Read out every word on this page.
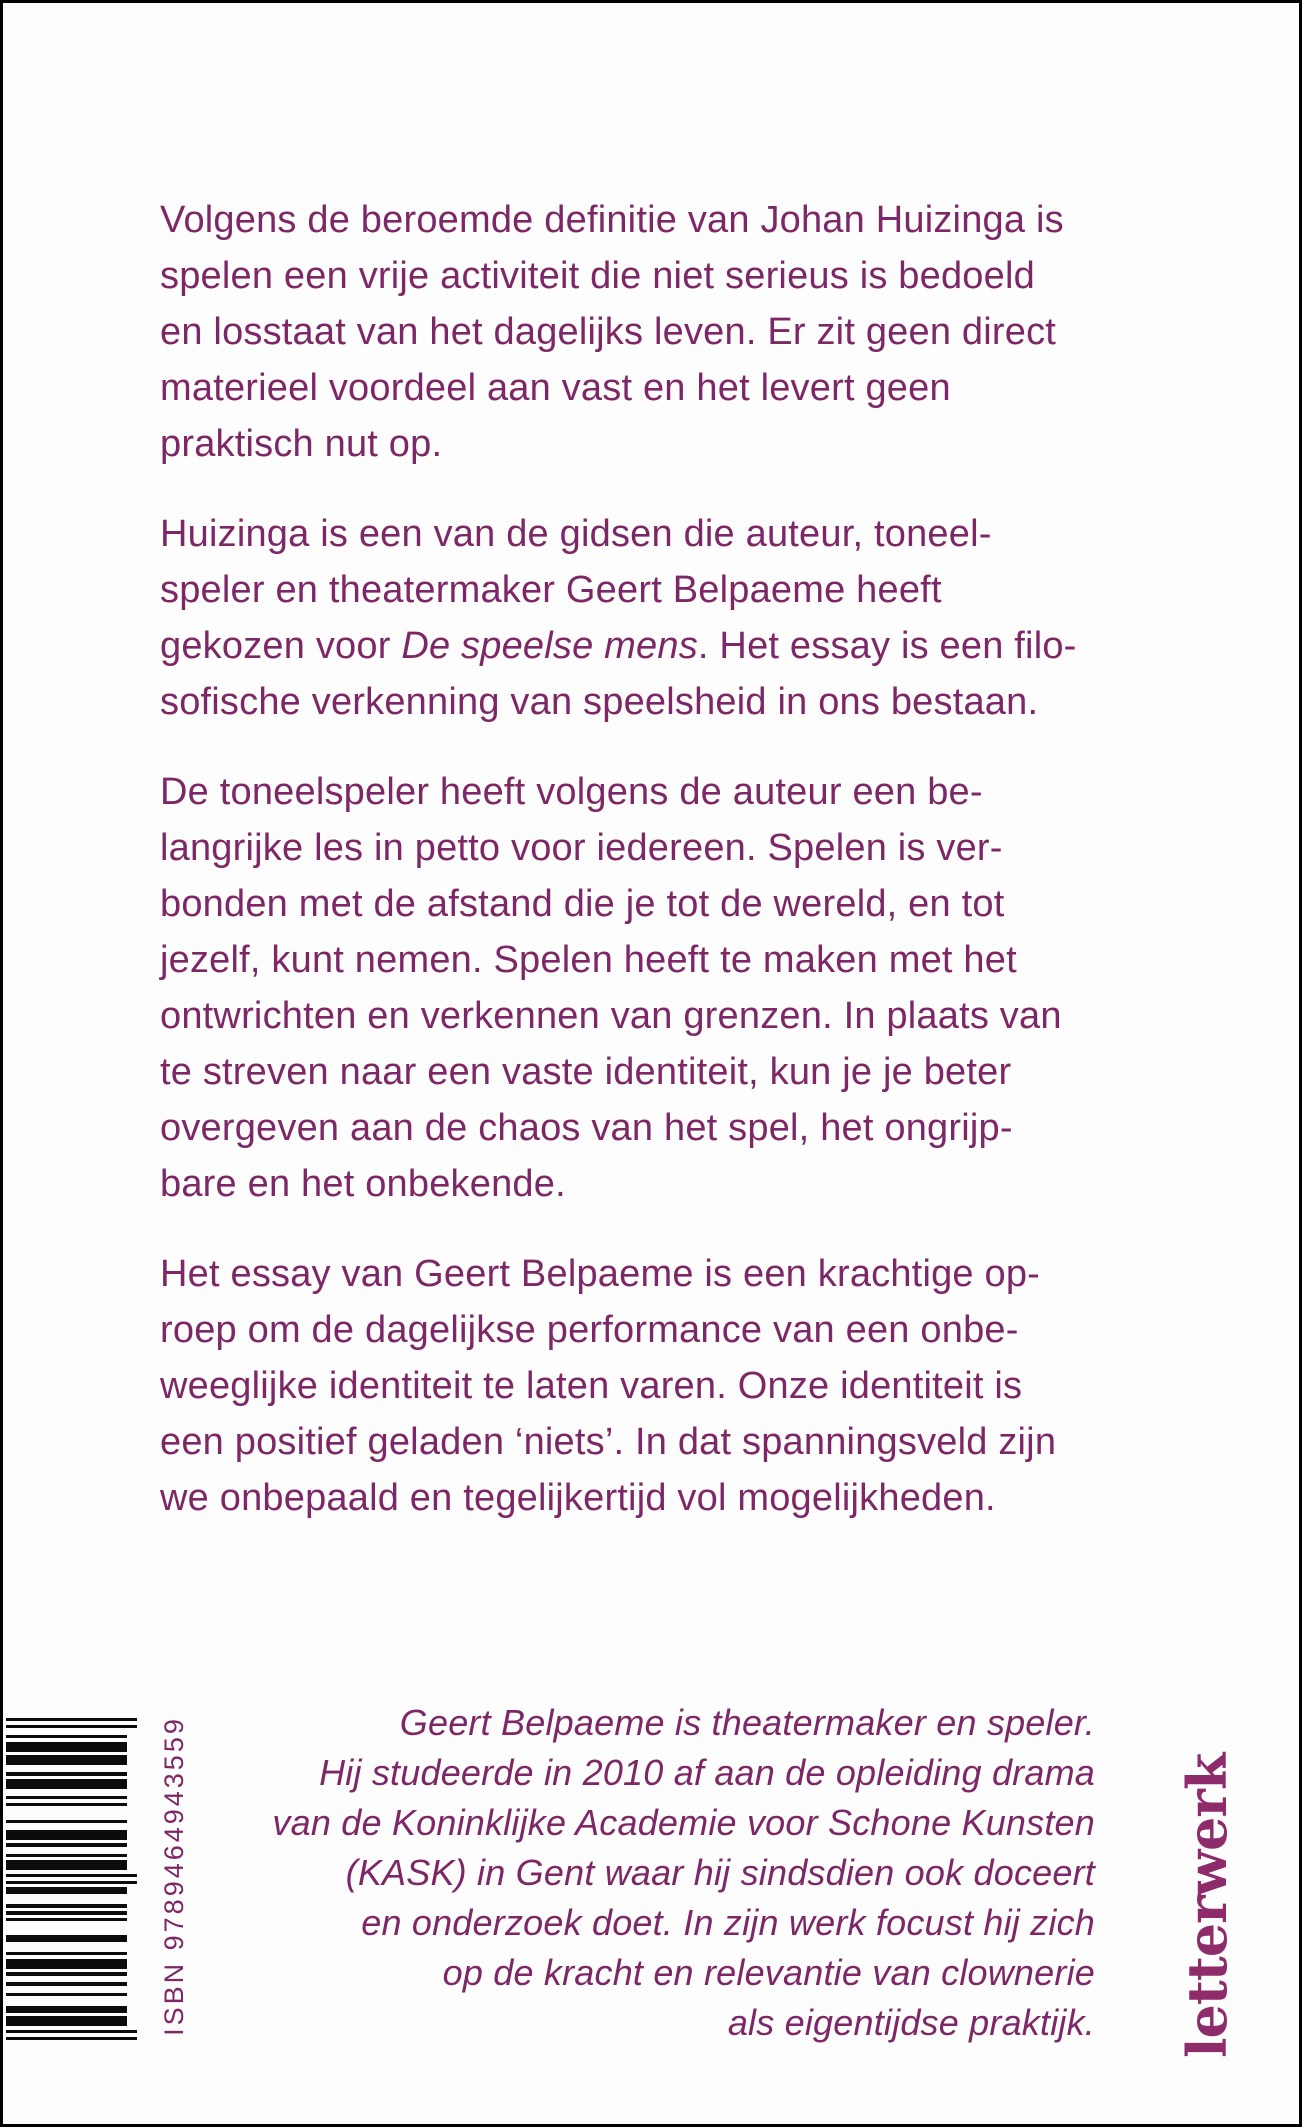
Volgens de beroemde definitie van Johan Huizinga is
spelen een vrije activiteit die niet serieus is bedoeld
en losstaat van het dagelijks leven. Er zit geen direct
materieel voordeel aan vast en het levert geen
praktisch nut op.

Huizinga is een van de gidsen die auteur, toneel-
speler en theatermaker Geert Belpaeme heeft
gekozen voor De speelse mens. Het essay is een filo-
sofische verkenning van speelsheid in ons bestaan.

De toneelspeler heeft volgens de auteur een be-
langrijke les in petto voor iedereen. Spelen is ver-
bonden met de afstand die je tot de wereld, en tot
jezelf, kunt nemen. Spelen heeft te maken met het
ontwrichten en verkennen van grenzen. In plaats van
te streven naar een vaste identiteit, kun je je beter
overgeven aan de chaos van het spel, het ongrijp-
bare en het onbekende.

Het essay van Geert Belpaeme is een krachtige op-
roep om de dagelijkse performance van een onbe-
weeglijke identiteit te laten varen. Onze identiteit is
een positief geladen ‘niets’. In dat spanningsveld zijn
we onbepaald en tegelijkertijd vol mogelijkheden.

Geert Belpaeme is theatermaker en speler.
Hij studeerde in 2010 af aan de opleiding drama
van de Koninklijke Academie voor Schone Kunsten
(KASK) in Gent waar hij sindsdien ook doceert
en onderzoek doet. In zijn werk focust hij zich
op de kracht en relevantie van clownerie
als eigentijdse praktijk.
ISBN 9789464943559	letterwerk
